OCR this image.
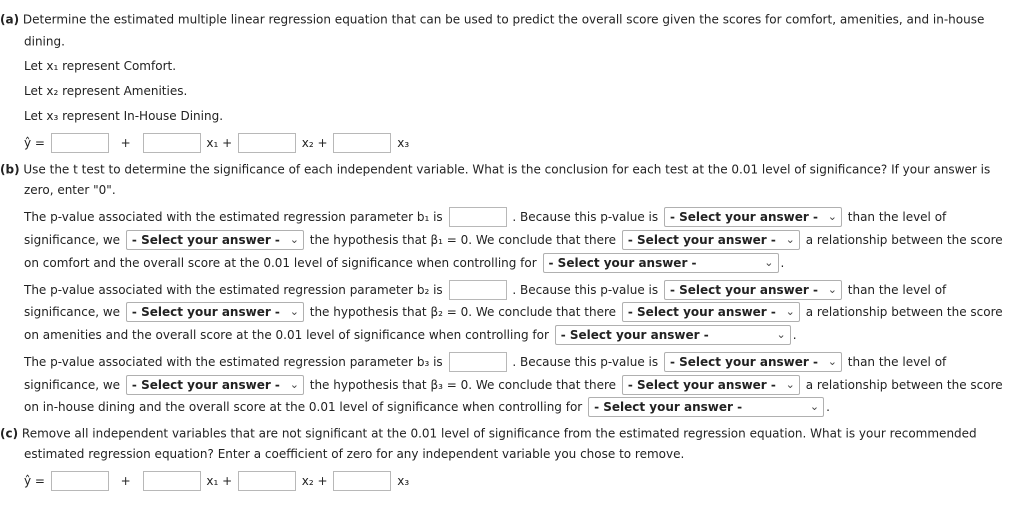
(a) Determine the estimated multiple linear regression equation that can be used to predict the overall score given the scores for comfort, amenities, and in-house
dining.
Let x₁ represent Comfort.
Let x₂ represent Amenities.
Let x₃ represent In-House Dining.
ŷ =	+	x₁ +	x₂ +	x₃
(b) Use the t test to determine the significance of each independent variable. What is the conclusion for each test at the 0.01 level of significance? If your answer is
zero, enter "0".
The p-value associated with the estimated regression parameter b₁ is	. Because this p-value is - Select your answer - ⌄ than the level of
significance, we - Select your answer - ⌄ the hypothesis that β₁ = 0. We conclude that there - Select your answer - ⌄ a relationship between the score
on comfort and the overall score at the 0.01 level of significance when controlling for - Select your answer -	⌄ .
The p-value associated with the estimated regression parameter b₂ is	. Because this p-value is - Select your answer - ⌄ than the level of
significance, we - Select your answer - ⌄ the hypothesis that β₂ = 0. We conclude that there - Select your answer - ⌄ a relationship between the score
on amenities and the overall score at the 0.01 level of significance when controlling for - Select your answer -	⌄ .
The p-value associated with the estimated regression parameter b₃ is	. Because this p-value is - Select your answer - ⌄ than the level of
significance, we - Select your answer - ⌄ the hypothesis that β₃ = 0. We conclude that there - Select your answer - ⌄ a relationship between the score
on in-house dining and the overall score at the 0.01 level of significance when controlling for - Select your answer -	⌄ .
(c) Remove all independent variables that are not significant at the 0.01 level of significance from the estimated regression equation. What is your recommended
estimated regression equation? Enter a coefficient of zero for any independent variable you chose to remove.
ŷ =	+	x₁ +	x₂ +	x₃
